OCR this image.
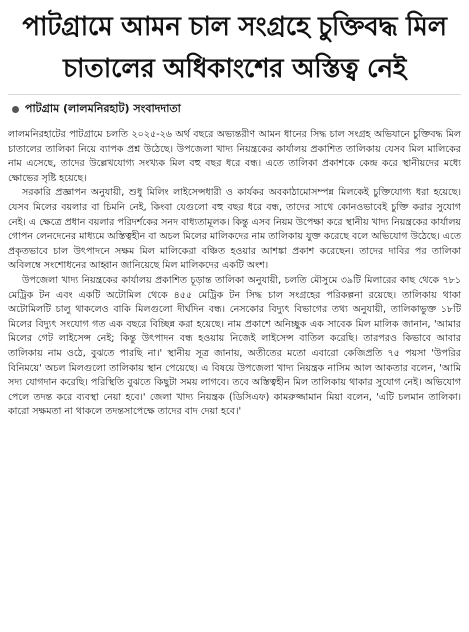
পাটগ্রামে আমন চাল সংগ্রহে চুক্তিবদ্ধ মিল
চাতালের অধিকাংশের অস্তিত্ব নেই
পাটগ্রাম (লালমনিরহাট) সংবাদদাতা

লালমনিরহাটের পাটগ্রামে চলতি ২০২৫-২৬ অর্থ বছরে অভ্যন্তরীণ আমন ধানের সিদ্ধ চাল সংগ্রহ অভিযানে চুক্তিবদ্ধ মিল চাতালের তালিকা নিয়ে ব্যাপক প্রশ্ন উঠেছে। উপজেলা খাদ্য নিয়ন্ত্রকের কার্যালয় প্রকাশিত তালিকায় যেসব মিল মালিকের নাম এসেছে, তাদের উল্লেখযোগ্য সংখ্যক মিল বহু বছর ধরে বন্ধ। এতে তালিকা প্রকাশকে কেন্দ্র করে স্থানীয়দের মধ্যে ক্ষোভের সৃষ্টি হয়েছে।

সরকারি প্রজ্ঞাপন অনুযায়ী, শুধু মিলিং লাইসেন্সধারী ও কার্যকর অবকাঠামোসম্পন্ন মিলকেই চুক্তিযোগ্য ধরা হয়েছে। যেসব মিলের বয়লার বা চিমনি নেই, কিংবা যেগুলো বহু বছর ধরে বন্ধ, তাদের সাথে কোনওভাবেই চুক্তি করার সুযোগ নেই। এ ক্ষেত্রে প্রধান বয়লার পরিদর্শকের সনদ বাধ্যতামূলক। কিন্তু এসব নিয়ম উপেক্ষা করে স্থানীয় খাদ্য নিয়ন্ত্রকের কার্যালয় গোপন লেনদেনের মাধ্যমে অস্তিত্বহীন বা অচল মিলের মালিকদের নাম তালিকায় যুক্ত করেছে বলে অভিযোগ উঠেছে। এতে প্রকৃতভাবে চাল উৎপাদনে সক্ষম মিল মালিকেরা বঞ্চিত হওয়ার আশঙ্কা প্রকাশ করেছেন। তাদের দাবির পর তালিকা অবিলম্বে সংশোধনের আহ্বান জানিয়েছে মিল মালিকদের একটি অংশ।

উপজেলা খাদ্য নিয়ন্ত্রকের কার্যালয় প্রকাশিত চূড়ান্ত তালিকা অনুযায়ী, চলতি মৌসুমে ৩৯টি মিলারের কাছ থেকে ৭৮১ মেট্রিক টন এবং একটি অটোমিল থেকে ৪৫৫ মেট্রিক টন সিদ্ধ চাল সংগ্রহের পরিকল্পনা রয়েছে। তালিকায় থাকা অটোমিলটি চালু থাকলেও বাকি মিলগুলো দীর্ঘদিন বন্ধ। নেসকোর বিদ্যুৎ বিভাগের তথ্য অনুযায়ী, তালিকাভুক্ত ১৮টি মিলের বিদ্যুৎ সংযোগ গত এক বছরে বিচ্ছিন্ন করা হয়েছে। নাম প্রকাশে অনিচ্ছুক এক সাবেক মিল মালিক জানান, 'আমার মিলের গেট লাইসেন্স নেই; কিন্তু উৎপাদন বন্ধ হওয়ায় নিজেই লাইসেন্স বাতিল করেছি। তারপরও কিভাবে আবার তালিকায় নাম ওঠে, বুঝতে পারছি না।' স্থানীয় সূত্র জানায়, অতীতের মতো এবারো কেজিপ্রতি ৭৫ পয়সা 'উপরির বিনিময়ে' অচল মিলগুলো তালিকায় স্থান পেয়েছে। এ বিষয়ে উপজেলা খাদ্য নিয়ন্ত্রক নাসিম আল আকতার বলেন, 'আমি সদ্য যোগদান করেছি। পরিস্থিতি বুঝতে কিছুটা সময় লাগবে। তবে অস্তিত্বহীন মিল তালিকায় থাকার সুযোগ নেই। অভিযোগ পেলে তদন্ত করে ব্যবস্থা নেয়া হবে।' জেলা খাদ্য নিয়ন্ত্রক (ডিসিএফ) কামরুজ্জামান মিয়া বলেন, 'এটি চলমান তালিকা। কারো সক্ষমতা না থাকলে তদন্তসাপেক্ষে তাদের বাদ দেয়া হবে।'
